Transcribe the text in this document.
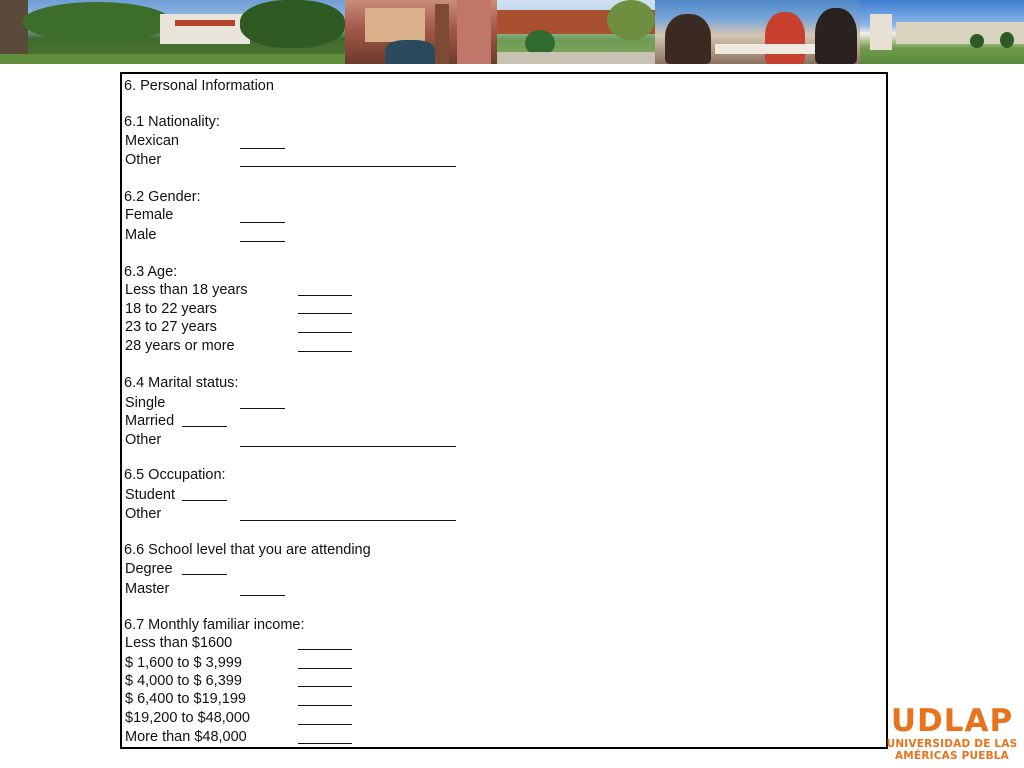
6. Personal Information
6.1 Nationality:
Mexican
Other
6.2 Gender:
Female
Male
6.3 Age:
Less than 18 years
18 to 22 years
23 to 27 years
28 years or more
6.4 Marital status:
Single
Married
Other
6.5 Occupation:
Student
Other
6.6 School level that you are attending
Degree
Master
6.7 Monthly familiar income:
Less than $1600
$ 1,600 to $ 3,999
$ 4,000 to $ 6,399
$ 6,400 to $19,199
$19,200 to $48,000
More than $48,000	UDLAP
UNIVERSIDAD DE LAS
AMÉRICAS PUEBLA
